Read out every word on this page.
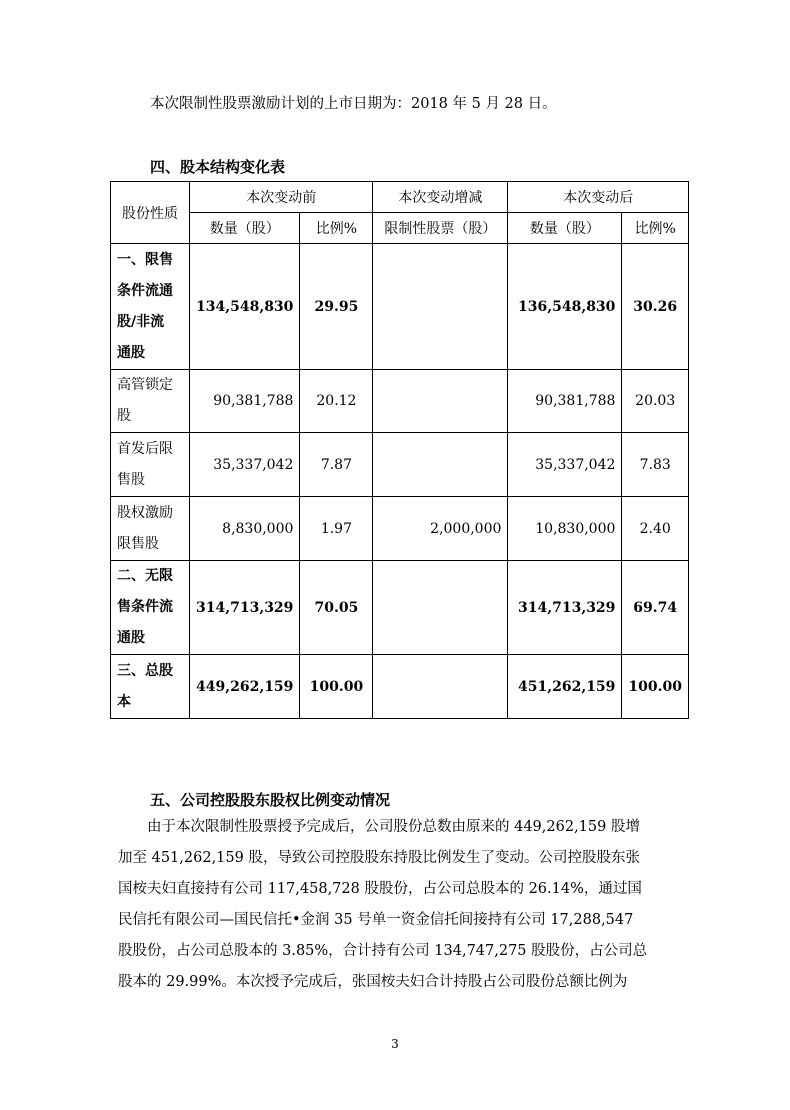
本次限制性股票激励计划的上市日期为：2018 年 5 月 28 日。
四、股本结构变化表
股份性质	本次变动前		本次变动增减	本次变动后	
	数量（股）	比例%	限制性股票（股）	数量（股）	比例%

一、限售
条件流通
股/非流
通股	134,548,830	29.95		136,548,830	30.26

高管锁定
股	90,381,788	20.12		90,381,788	20.03

首发后限
售股	35,337,042	7.87		35,337,042	7.83

股权激励
限售股	8,830,000	1.97	2,000,000	10,830,000	2.40

二、无限
售条件流
通股	314,713,329	70.05		314,713,329	69.74

三、总股
本	449,262,159	100.00		451,262,159	100.00
五、公司控股股东股权比例变动情况
　　由于本次限制性股票授予完成后，公司股份总数由原来的 449,262,159 股增
加至 451,262,159 股，导致公司控股股东持股比例发生了变动。公司控股股东张
国桉夫妇直接持有公司 117,458,728 股股份，占公司总股本的 26.14%，通过国
民信托有限公司—国民信托•金润 35 号单一资金信托间接持有公司 17,288,547
股股份，占公司总股本的 3.85%，合计持有公司 134,747,275 股股份，占公司总
股本的 29.99%。本次授予完成后，张国桉夫妇合计持股占公司股份总额比例为
3
